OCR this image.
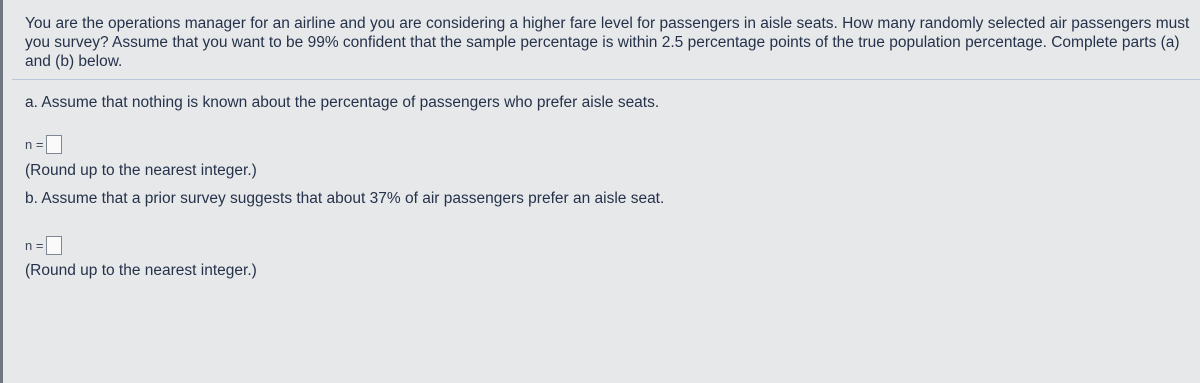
You are the operations manager for an airline and you are considering a higher fare level for passengers in aisle seats. How many randomly selected air passengers must you survey? Assume that you want to be 99% confident that the sample percentage is within 2.5 percentage points of the true population percentage. Complete parts (a) and (b) below.
a. Assume that nothing is known about the percentage of passengers who prefer aisle seats.
n =
(Round up to the nearest integer.)
b. Assume that a prior survey suggests that about 37% of air passengers prefer an aisle seat.
n =
(Round up to the nearest integer.)
